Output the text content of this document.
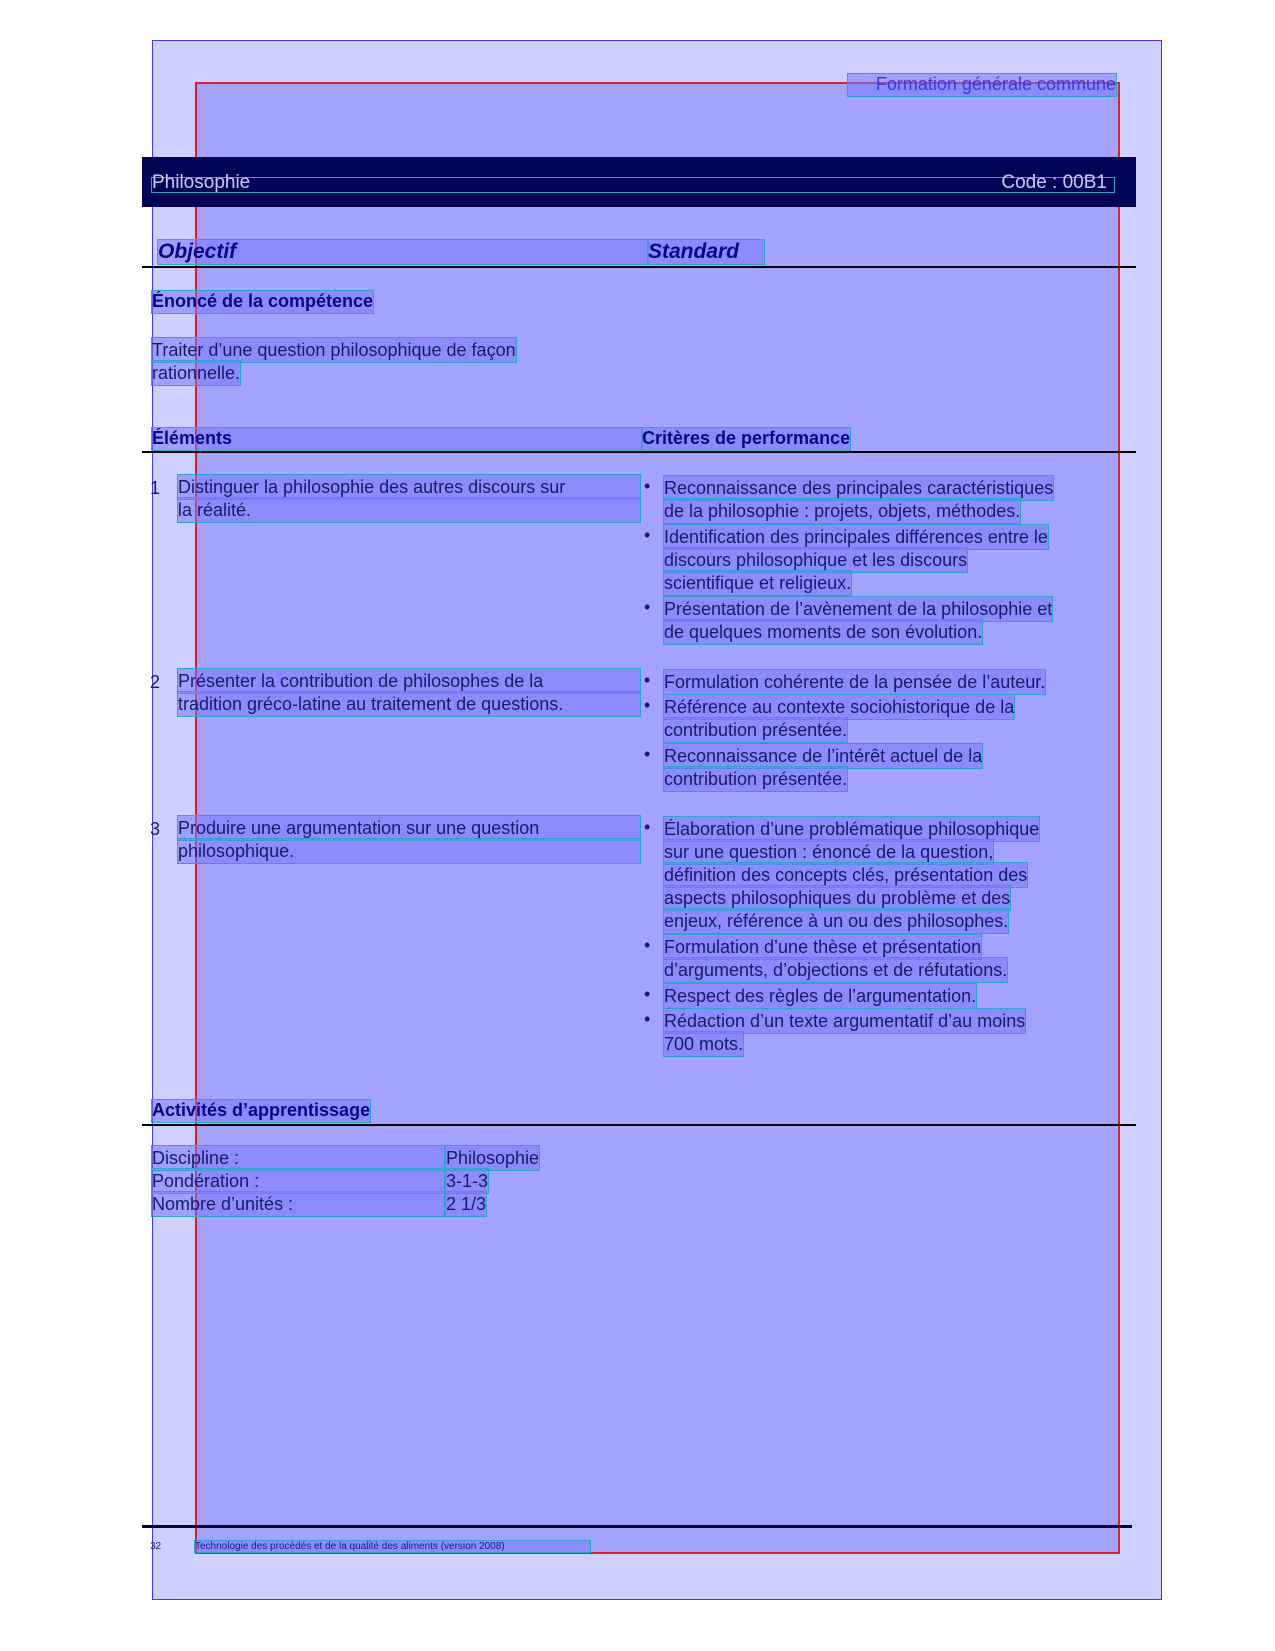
Formation générale commune
Philosophie	Code : 00B1
Objectif	Standard
Énoncé de la compétence
Traiter d’une question philosophique de façon
rationnelle.
Éléments	Critères de performance
1 Distinguer la philosophie des autres discours sur
la réalité.
• Reconnaissance des principales caractéristiques
de la philosophie : projets, objets, méthodes.
• Identification des principales différences entre le
discours philosophique et les discours
scientifique et religieux.
• Présentation de l’avènement de la philosophie et
de quelques moments de son évolution.
2 Présenter la contribution de philosophes de la
tradition gréco-latine au traitement de questions.
• Formulation cohérente de la pensée de l’auteur.
• Référence au contexte sociohistorique de la
contribution présentée.
• Reconnaissance de l’intérêt actuel de la
contribution présentée.
3 Produire une argumentation sur une question
philosophique.
• Élaboration d’une problématique philosophique
sur une question : énoncé de la question,
définition des concepts clés, présentation des
aspects philosophiques du problème et des
enjeux, référence à un ou des philosophes.
• Formulation d’une thèse et présentation
d’arguments, d’objections et de réfutations.
• Respect des règles de l’argumentation.
• Rédaction d’un texte argumentatif d’au moins
700 mots.
Activités d’apprentissage
Discipline :	Philosophie
Pondération :	3-1-3
Nombre d’unités :	2 1/3
32	Technologie des procédés et de la qualité des aliments (version 2008)
